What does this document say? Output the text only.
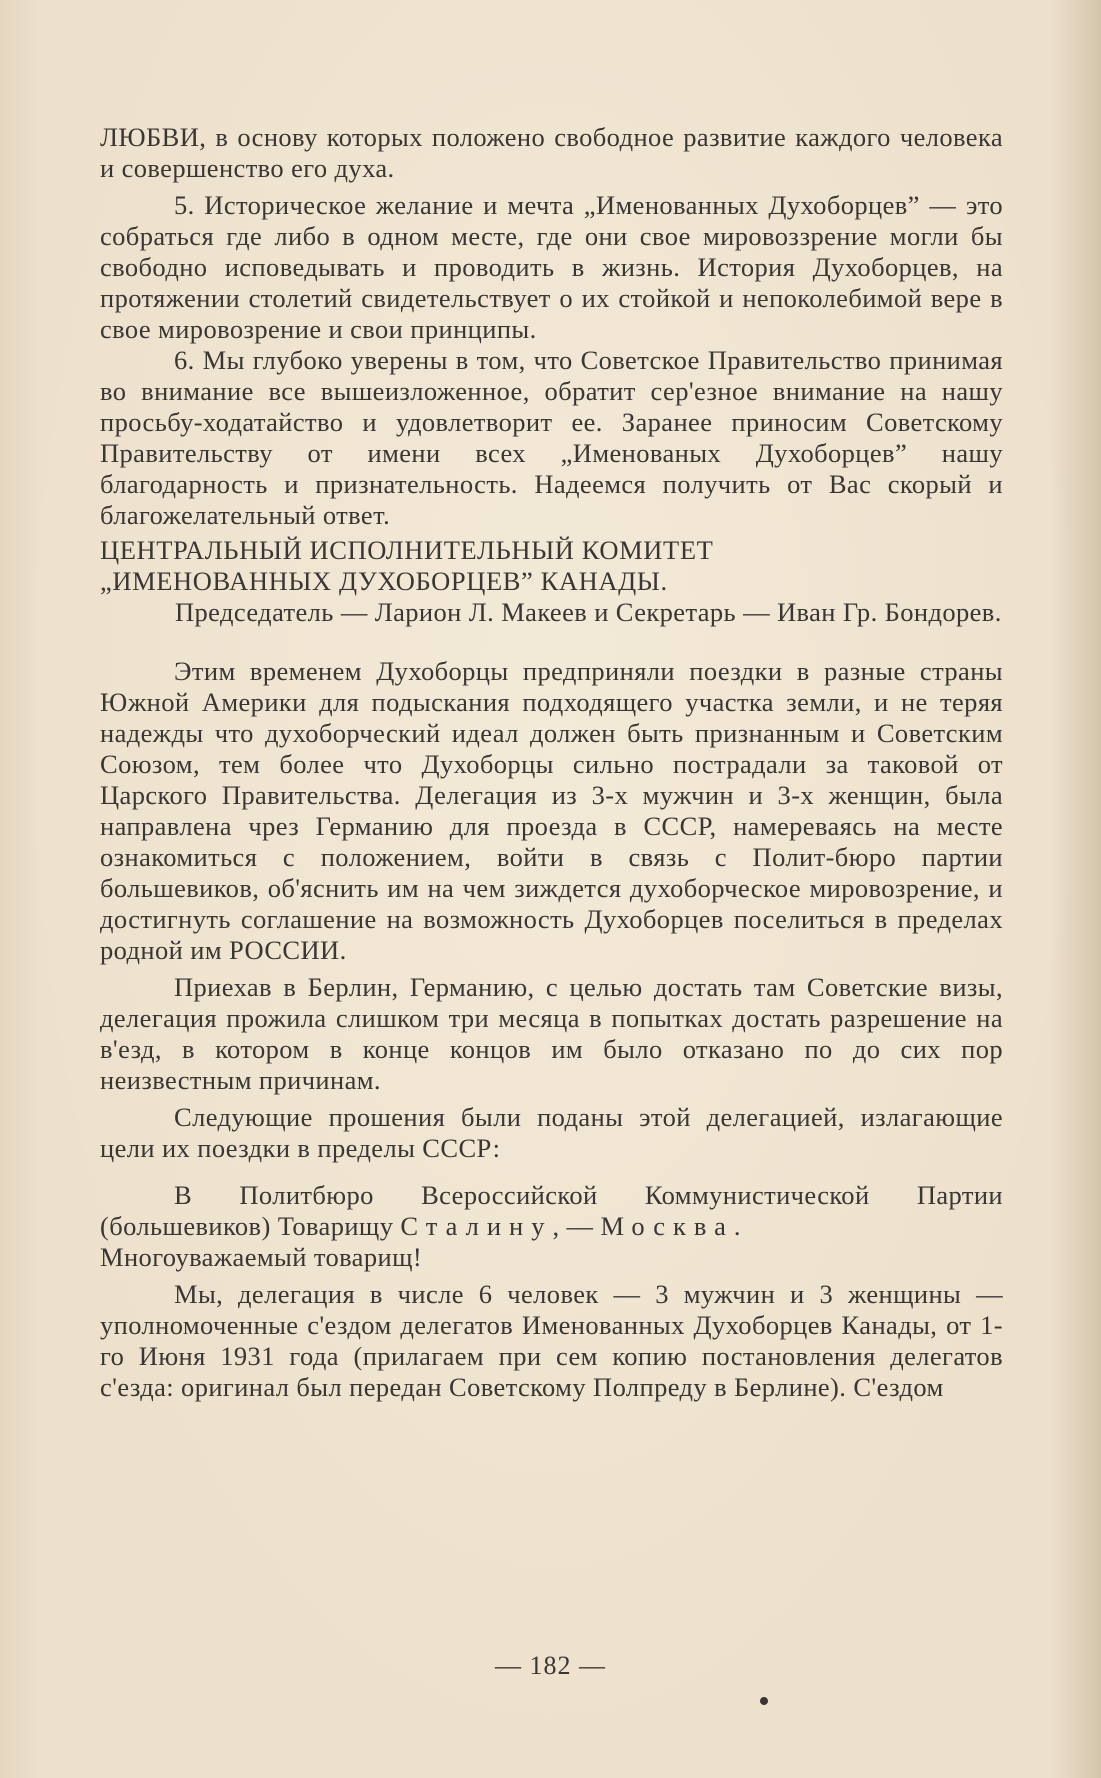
ЛЮБВИ, в основу которых положено свободное развитие каждого человека и совершенство его духа.

5. Историческое желание и мечта „Именованных Духоборцев” — это собраться где либо в одном месте, где они свое мировоззрение могли бы свободно исповедывать и проводить в жизнь. История Духоборцев, на протяжении столетий свидетельствует о их стойкой и непоколебимой вере в свое мировозрение и свои принципы.

6. Мы глубоко уверены в том, что Советское Правительство принимая во внимание все вышеизложенное, обратит сер'езное внимание на нашу просьбу-ходатайство и удовлетворит ее. Заранее приносим Советскому Правительству от имени всех „Именованых Духоборцев” нашу благодарность и признательность. Надеемся получить от Вас скорый и благожелательный ответ.

ЦЕНТРАЛЬНЫЙ ИСПОЛНИТЕЛЬНЫЙ КОМИТЕТ

„ИМЕНОВАННЫХ ДУХОБОРЦЕВ” КАНАДЫ.

Председатель — Ларион Л. Макеев и Секретарь — Иван Гр. Бондорев.

Этим временем Духоборцы предприняли поездки в разные страны Южной Америки для подыскания подходящего участка земли, и не теряя надежды что духоборческий идеал должен быть признанным и Советским Союзом, тем более что Духоборцы сильно пострадали за таковой от Царского Правительства. Делегация из 3-х мужчин и 3-х женщин, была направлена чрез Германию для проезда в СССР, намереваясь на месте ознакомиться с положением, войти в связь с Полит-бюро партии большевиков, об'яснить им на чем зиждется духоборческое мировозрение, и достигнуть соглашение на возможность Духоборцев поселиться в пределах родной им РОССИИ.

Приехав в Берлин, Германию, с целью достать там Советские визы, делегация прожила слишком три месяца в попытках достать разрешение на в'езд, в котором в конце концов им было отказано по до сих пор неизвестным причинам.

Следующие прошения были поданы этой делегацией, излагающие цели их поездки в пределы СССР:

В Политбюро Всероссийской Коммунистической Партии (большевиков) Товарищу Сталину, — Москва.

Многоуважаемый товарищ!

Мы, делегация в числе 6 человек — 3 мужчин и 3 женщины — уполномоченные с'ездом делегатов Именованных Духоборцев Канады, от 1-го Июня 1931 года (прилагаем при сем копию постановления делегатов с'езда: оригинал был передан Советскому Полпреду в Берлине). С'ездом

— 182 —
